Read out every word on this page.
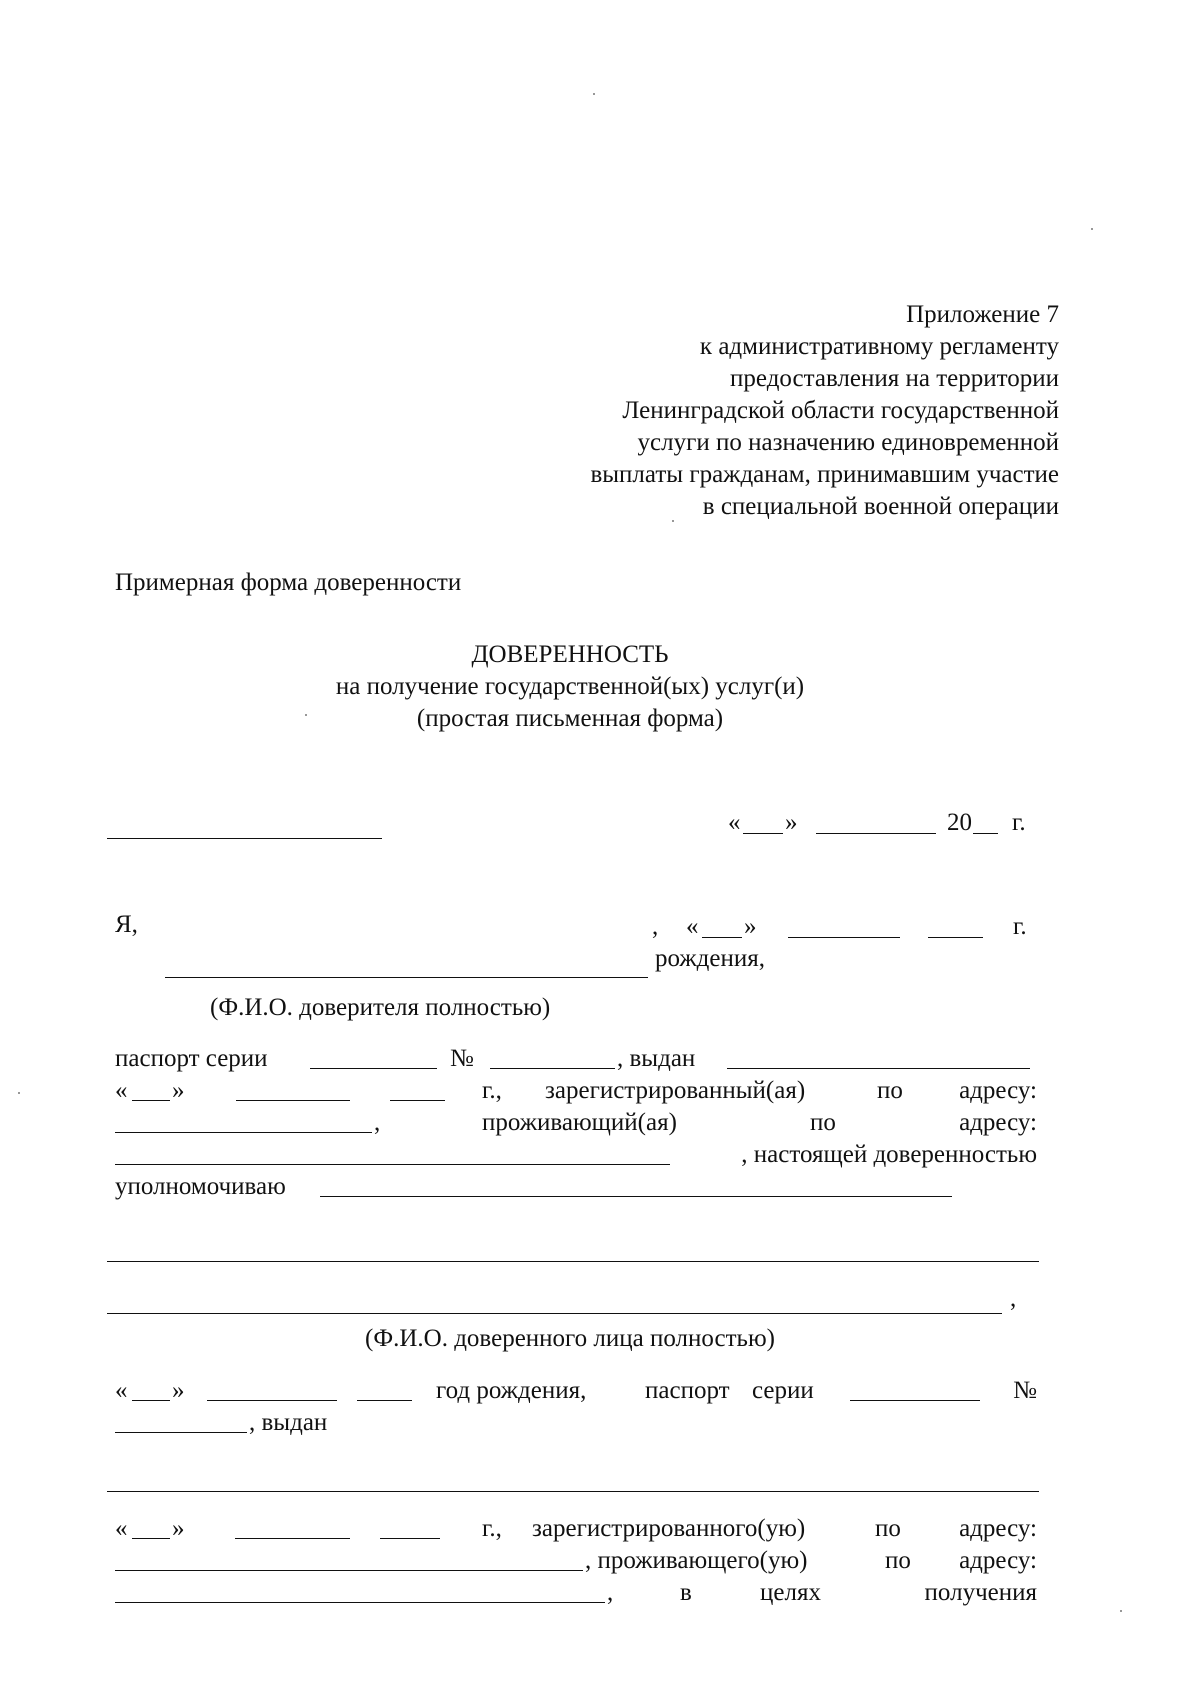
Приложение 7
к административному регламенту
предоставления на территории
Ленинградской области государственной
услуги по назначению единовременной
выплаты гражданам, принимавшим участие
в специальной военной операции
Примерная форма доверенности
ДОВЕРЕННОСТЬ
на получение государственной(ых) услуг(и)
(простая письменная форма)
« »	20 г.
Я,	, « »	г.
рождения,
(Ф.И.О. доверителя полностью)
паспорт серии	№	, выдан
« »	г., зарегистрированный(ая)	по адресу:
,	проживающий(ая)	по	адресу:
, настоящей доверенностью
уполномочиваю
,
(Ф.И.О. доверенного лица полностью)
« »	год рождения, паспорт серии	№
, выдан
« »	г., зарегистрированного(ую)	по адресу:
, проживающего(ую)	по адресу:
,	в	целях	получения
